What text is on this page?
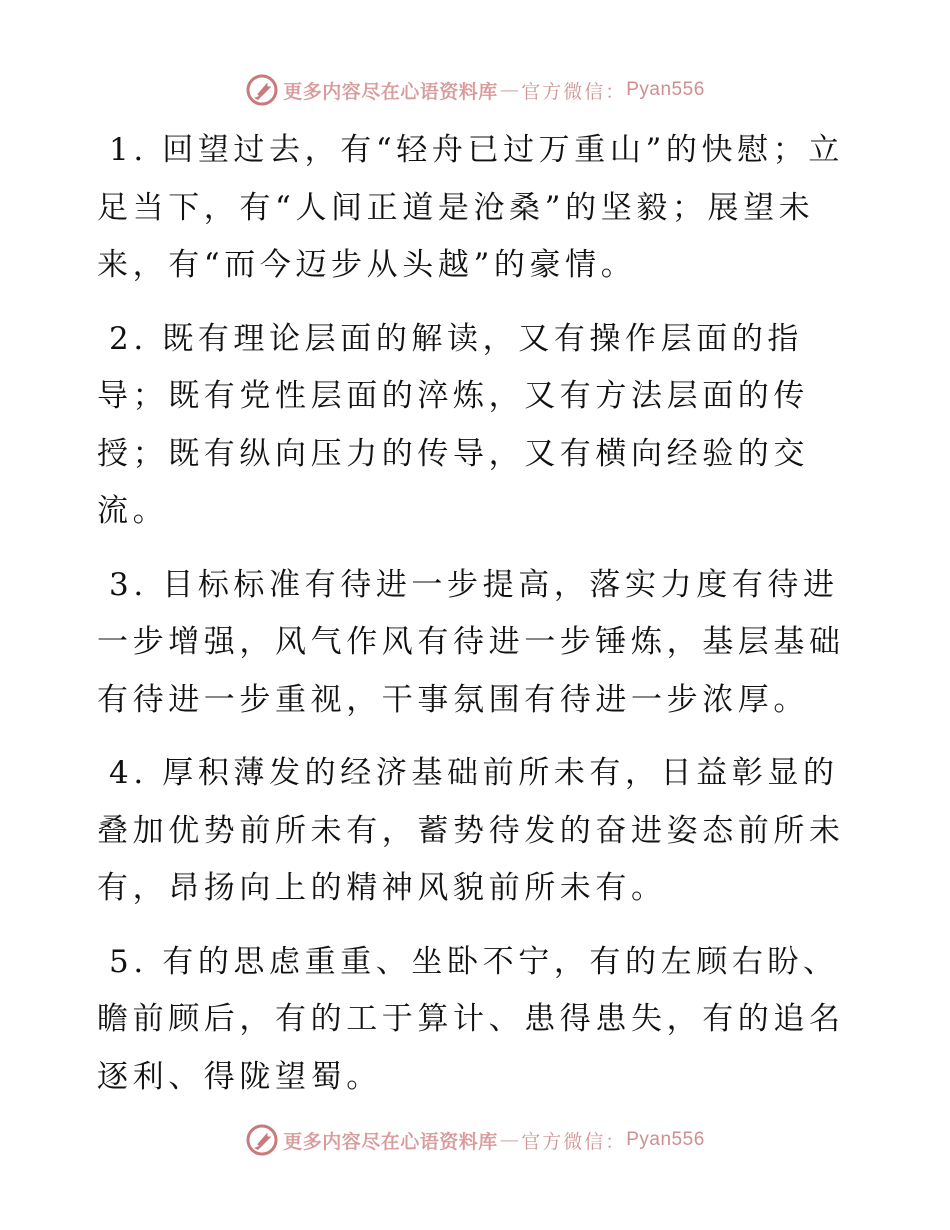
更多内容尽在心语资料库 — 官方微信： Pyan556

1. 回望过去，有“轻舟已过万重山”的快慰；立足当下，有“人间正道是沧桑”的坚毅；展望未来，有“而今迈步从头越”的豪情。

2. 既有理论层面的解读，又有操作层面的指导；既有党性层面的淬炼，又有方法层面的传授；既有纵向压力的传导，又有横向经验的交流。

3. 目标标准有待进一步提高，落实力度有待进一步增强，风气作风有待进一步锤炼，基层基础有待进一步重视，干事氛围有待进一步浓厚。

4. 厚积薄发的经济基础前所未有，日益彰显的叠加优势前所未有，蓄势待发的奋进姿态前所未有，昂扬向上的精神风貌前所未有。

5. 有的思虑重重、坐卧不宁，有的左顾右盼、瞻前顾后，有的工于算计、患得患失，有的追名逐利、得陇望蜀。

更多内容尽在心语资料库 — 官方微信： Pyan556
